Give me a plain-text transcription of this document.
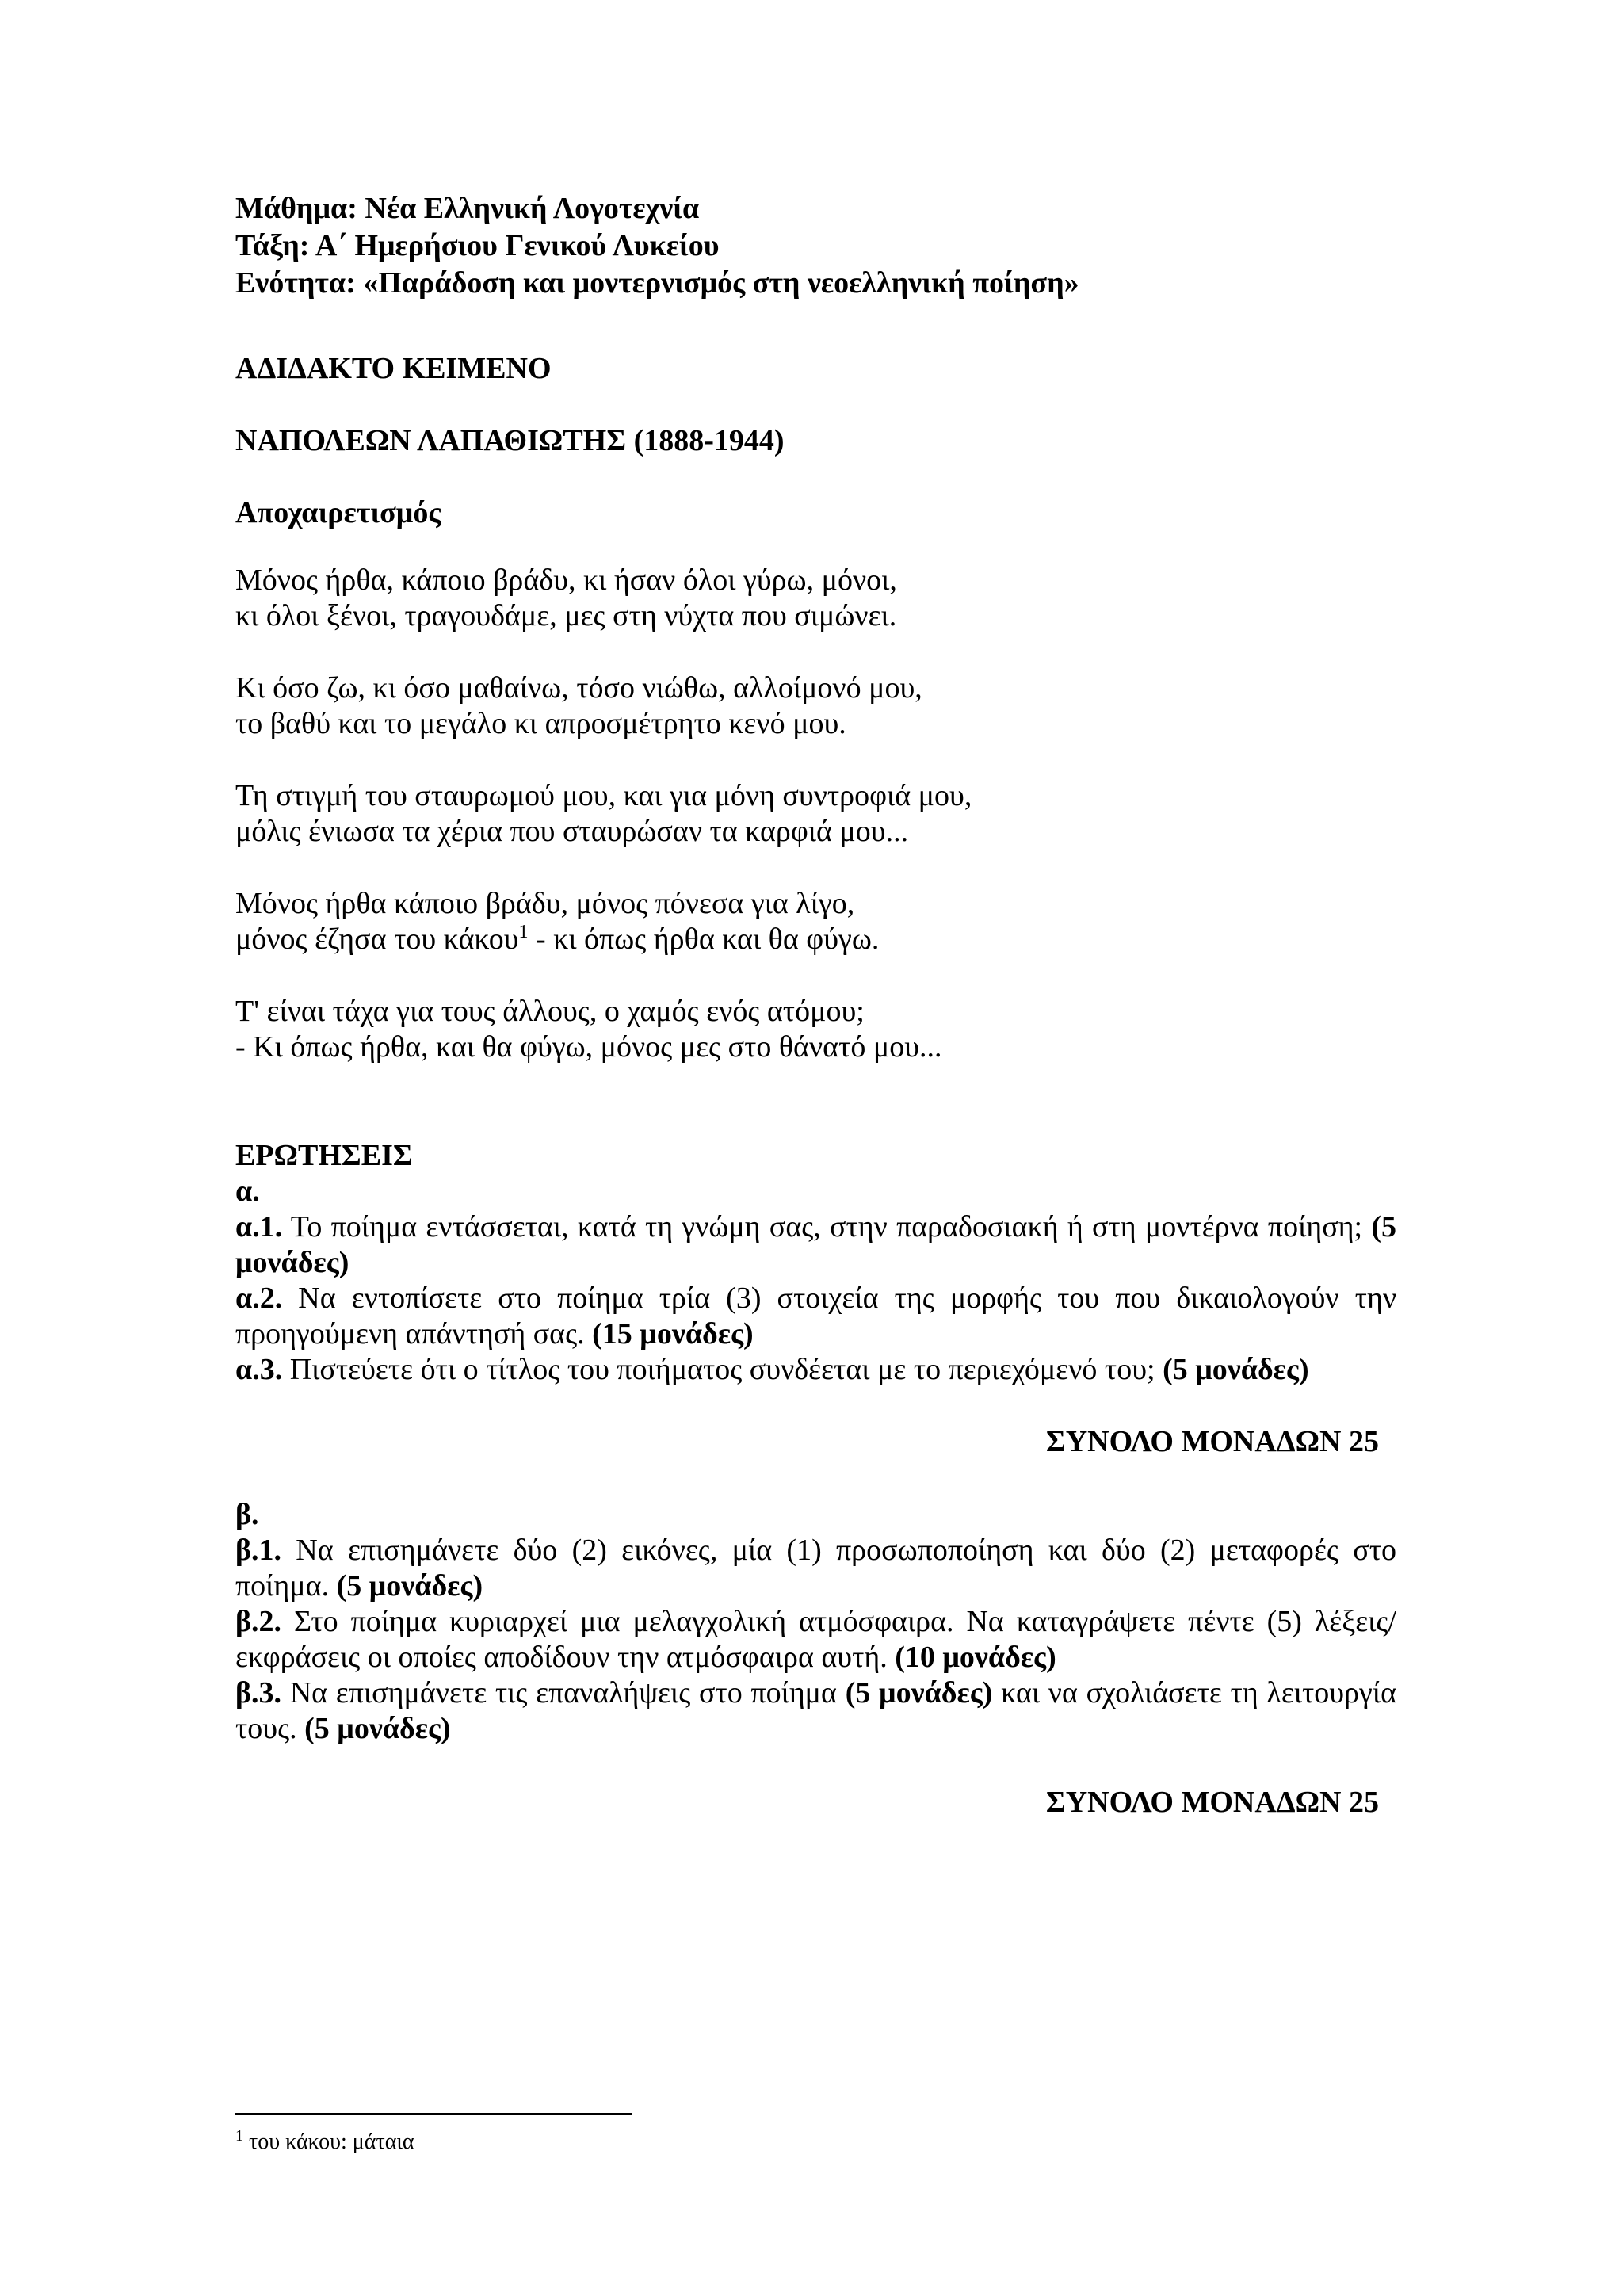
Μάθημα: Νέα Ελληνική Λογοτεχνία
Τάξη: Α΄ Ημερήσιου Γενικού Λυκείου
Ενότητα: «Παράδοση και μοντερνισμός στη νεοελληνική ποίηση»
ΑΔΙΔΑΚΤΟ ΚΕΙΜΕΝΟ
ΝΑΠΟΛΕΩΝ ΛΑΠΑΘΙΩΤΗΣ (1888-1944)
Αποχαιρετισμός
Μόνος ήρθα, κάποιο βράδυ, κι ήσαν όλοι γύρω, μόνοι,
κι όλοι ξένοι, τραγουδάμε, μες στη νύχτα που σιμώνει.
Κι όσο ζω, κι όσο μαθαίνω, τόσο νιώθω, αλλοίμονό μου,
το βαθύ και το μεγάλο κι απροσμέτρητο κενό μου.
Τη στιγμή του σταυρωμού μου, και για μόνη συντροφιά μου,
μόλις ένιωσα τα χέρια που σταυρώσαν τα καρφιά μου...
Μόνος ήρθα κάποιο βράδυ, μόνος πόνεσα για λίγο,
μόνος έζησα του κάκου$^1$ - κι όπως ήρθα και θα φύγω.
Τ' είναι τάχα για τους άλλους, ο χαμός ενός ατόμου;
- Κι όπως ήρθα, και θα φύγω, μόνος μες στο θάνατό μου...
ΕΡΩΤΗΣΕΙΣ
α.
α.1. Το ποίημα εντάσσεται, κατά τη γνώμη σας, στην παραδοσιακή ή στη μοντέρνα ποίηση; (5 μονάδες)
α.2. Να εντοπίσετε στο ποίημα τρία (3) στοιχεία της μορφής του που δικαιολογούν την προηγούμενη απάντησή σας. (15 μονάδες)
α.3. Πιστεύετε ότι ο τίτλος του ποιήματος συνδέεται με το περιεχόμενό του; (5 μονάδες)
ΣΥΝΟΛΟ ΜΟΝΑΔΩΝ 25
β.
β.1. Να επισημάνετε δύο (2) εικόνες, μία (1) προσωποποίηση και δύο (2) μεταφορές στο ποίημα. (5 μονάδες)
β.2. Στο ποίημα κυριαρχεί μια μελαγχολική ατμόσφαιρα. Να καταγράψετε πέντε (5) λέξεις/εκφράσεις οι οποίες αποδίδουν την ατμόσφαιρα αυτή. (10 μονάδες)
β.3. Να επισημάνετε τις επαναλήψεις στο ποίημα (5 μονάδες) και να σχολιάσετε τη λειτουργία τους. (5 μονάδες)
ΣΥΝΟΛΟ ΜΟΝΑΔΩΝ 25
$^1$ του κάκου: μάταια
